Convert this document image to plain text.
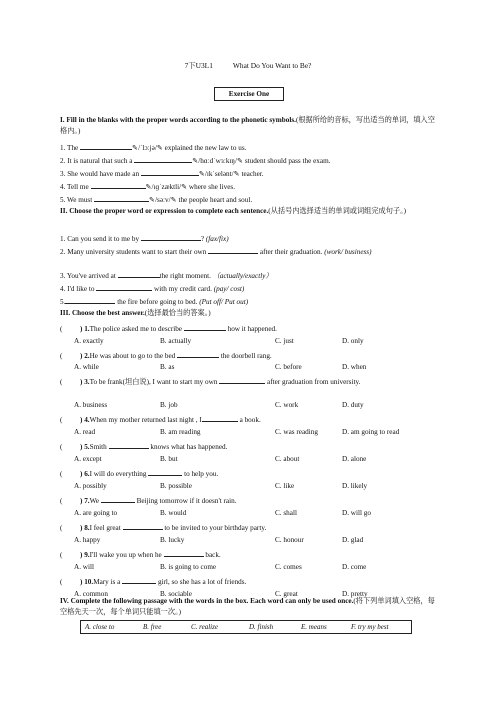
7下U3L1	What Do You Want to Be?
Exercise One
I. Fill in the blanks with the proper words according to the phonetic symbols.(根据所给的音标，写出适当的单词，填入空格内。)
1. The	✎/ˈlɔːjə/✎ explained the new law to us.
2. It is natural that such a	✎/hɑːdˈwɜːkɪŋ/✎ student should pass the exam.
3. She would have made an	✎/ɪkˈselənt/✎ teacher.
4. Tell me	✎/ɪɡˈzæktli/✎ where she lives.
5. We must	✎/səːv/✎ the people heart and soul.
II. Choose the proper word or expression to complete each sentence.(从括号内选择适当的单词或词组完成句子。)
1. Can you send it to me by	? (fax/fix)
2. Many university students want to start their own	after their graduation. (work/ business)
3. You've arrived at	the right moment. （actually/exactly）
4. I'd like to	with my credit card. (pay/ cost)
5.	the fire before going to bed. (Put off/ Put out)
III. Choose the best answer.(选择最恰当的答案。)
( ) 1.The police asked me to describe	how it happened.
A. exactly	B. actually	C. just	D. only
( ) 2.He was about to go to the bed	the doorbell rang.
A. while	B. as	C. before	D. when
( ) 3.To be frank(坦白说), I want to start my own	after graduation from university.
A. business	B. job	C. work	D. duty
( ) 4.When my mother returned last night , I	a book.
A. read	B. am reading	C. was reading	D. am going to read
( ) 5.Smith	knows what has happened.
A. except	B. but	C. about	D. alone
( ) 6.I will do everything	to help you.
A. possibly	B. possible	C. like	D. likely
( ) 7.We	Beijing tomorrow if it doesn't rain.
A. are going to	B. would	C. shall	D. will go
( ) 8.I feel great	to be invited to your birthday party.
A. happy	B. lucky	C. honour	D. glad
( ) 9.I'll wake you up when he	back.
A. will	B. is going to come	C. comes	D. come
( ) 10.Mary is a	girl, so she has a lot of friends.
A. common	B. sociable	C. great	D. pretty
IV. Complete the following passage with the words in the box. Each word can only be used once.(将下列单词填入空格，每空格先天一次，每个单词只能填一次。)
A. close to	B. free	C. realize	D. finish	E. means	F. try my best
